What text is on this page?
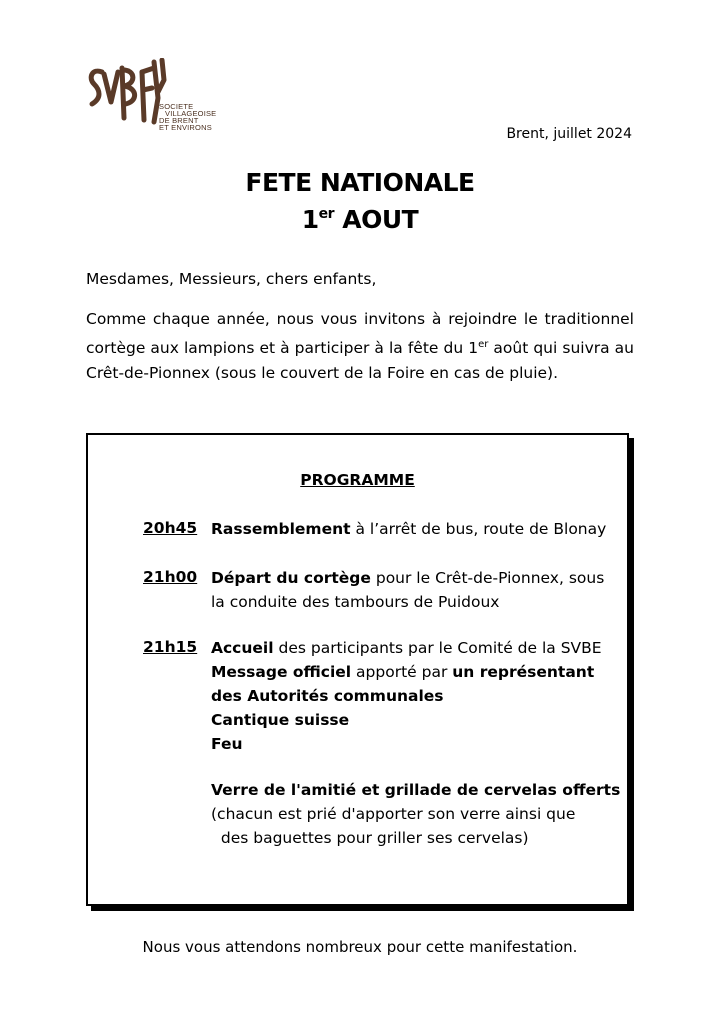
SOCIETE
VILLAGEOISE
DE BRENT
ET ENVIRONS	Brent, juillet 2024
FETE NATIONALE
1er AOUT
Mesdames, Messieurs, chers enfants,
Comme chaque année, nous vous invitons à rejoindre le traditionnel cortège aux lampions et à participer à la fête du 1er août qui suivra au Crêt-de-Pionnex (sous le couvert de la Foire en cas de pluie).
PROGRAMME
20h45 Rassemblement à l’arrêt de bus, route de Blonay
21h00 Départ du cortège pour le Crêt-de-Pionnex, sous
la conduite des tambours de Puidoux
21h15 Accueil des participants par le Comité de la SVBE
Message officiel apporté par un représentant
des Autorités communales
Cantique suisse
Feu
Verre de l'amitié et grillade de cervelas offerts
(chacun est prié d'apporter son verre ainsi que
des baguettes pour griller ses cervelas)
Nous vous attendons nombreux pour cette manifestation.
